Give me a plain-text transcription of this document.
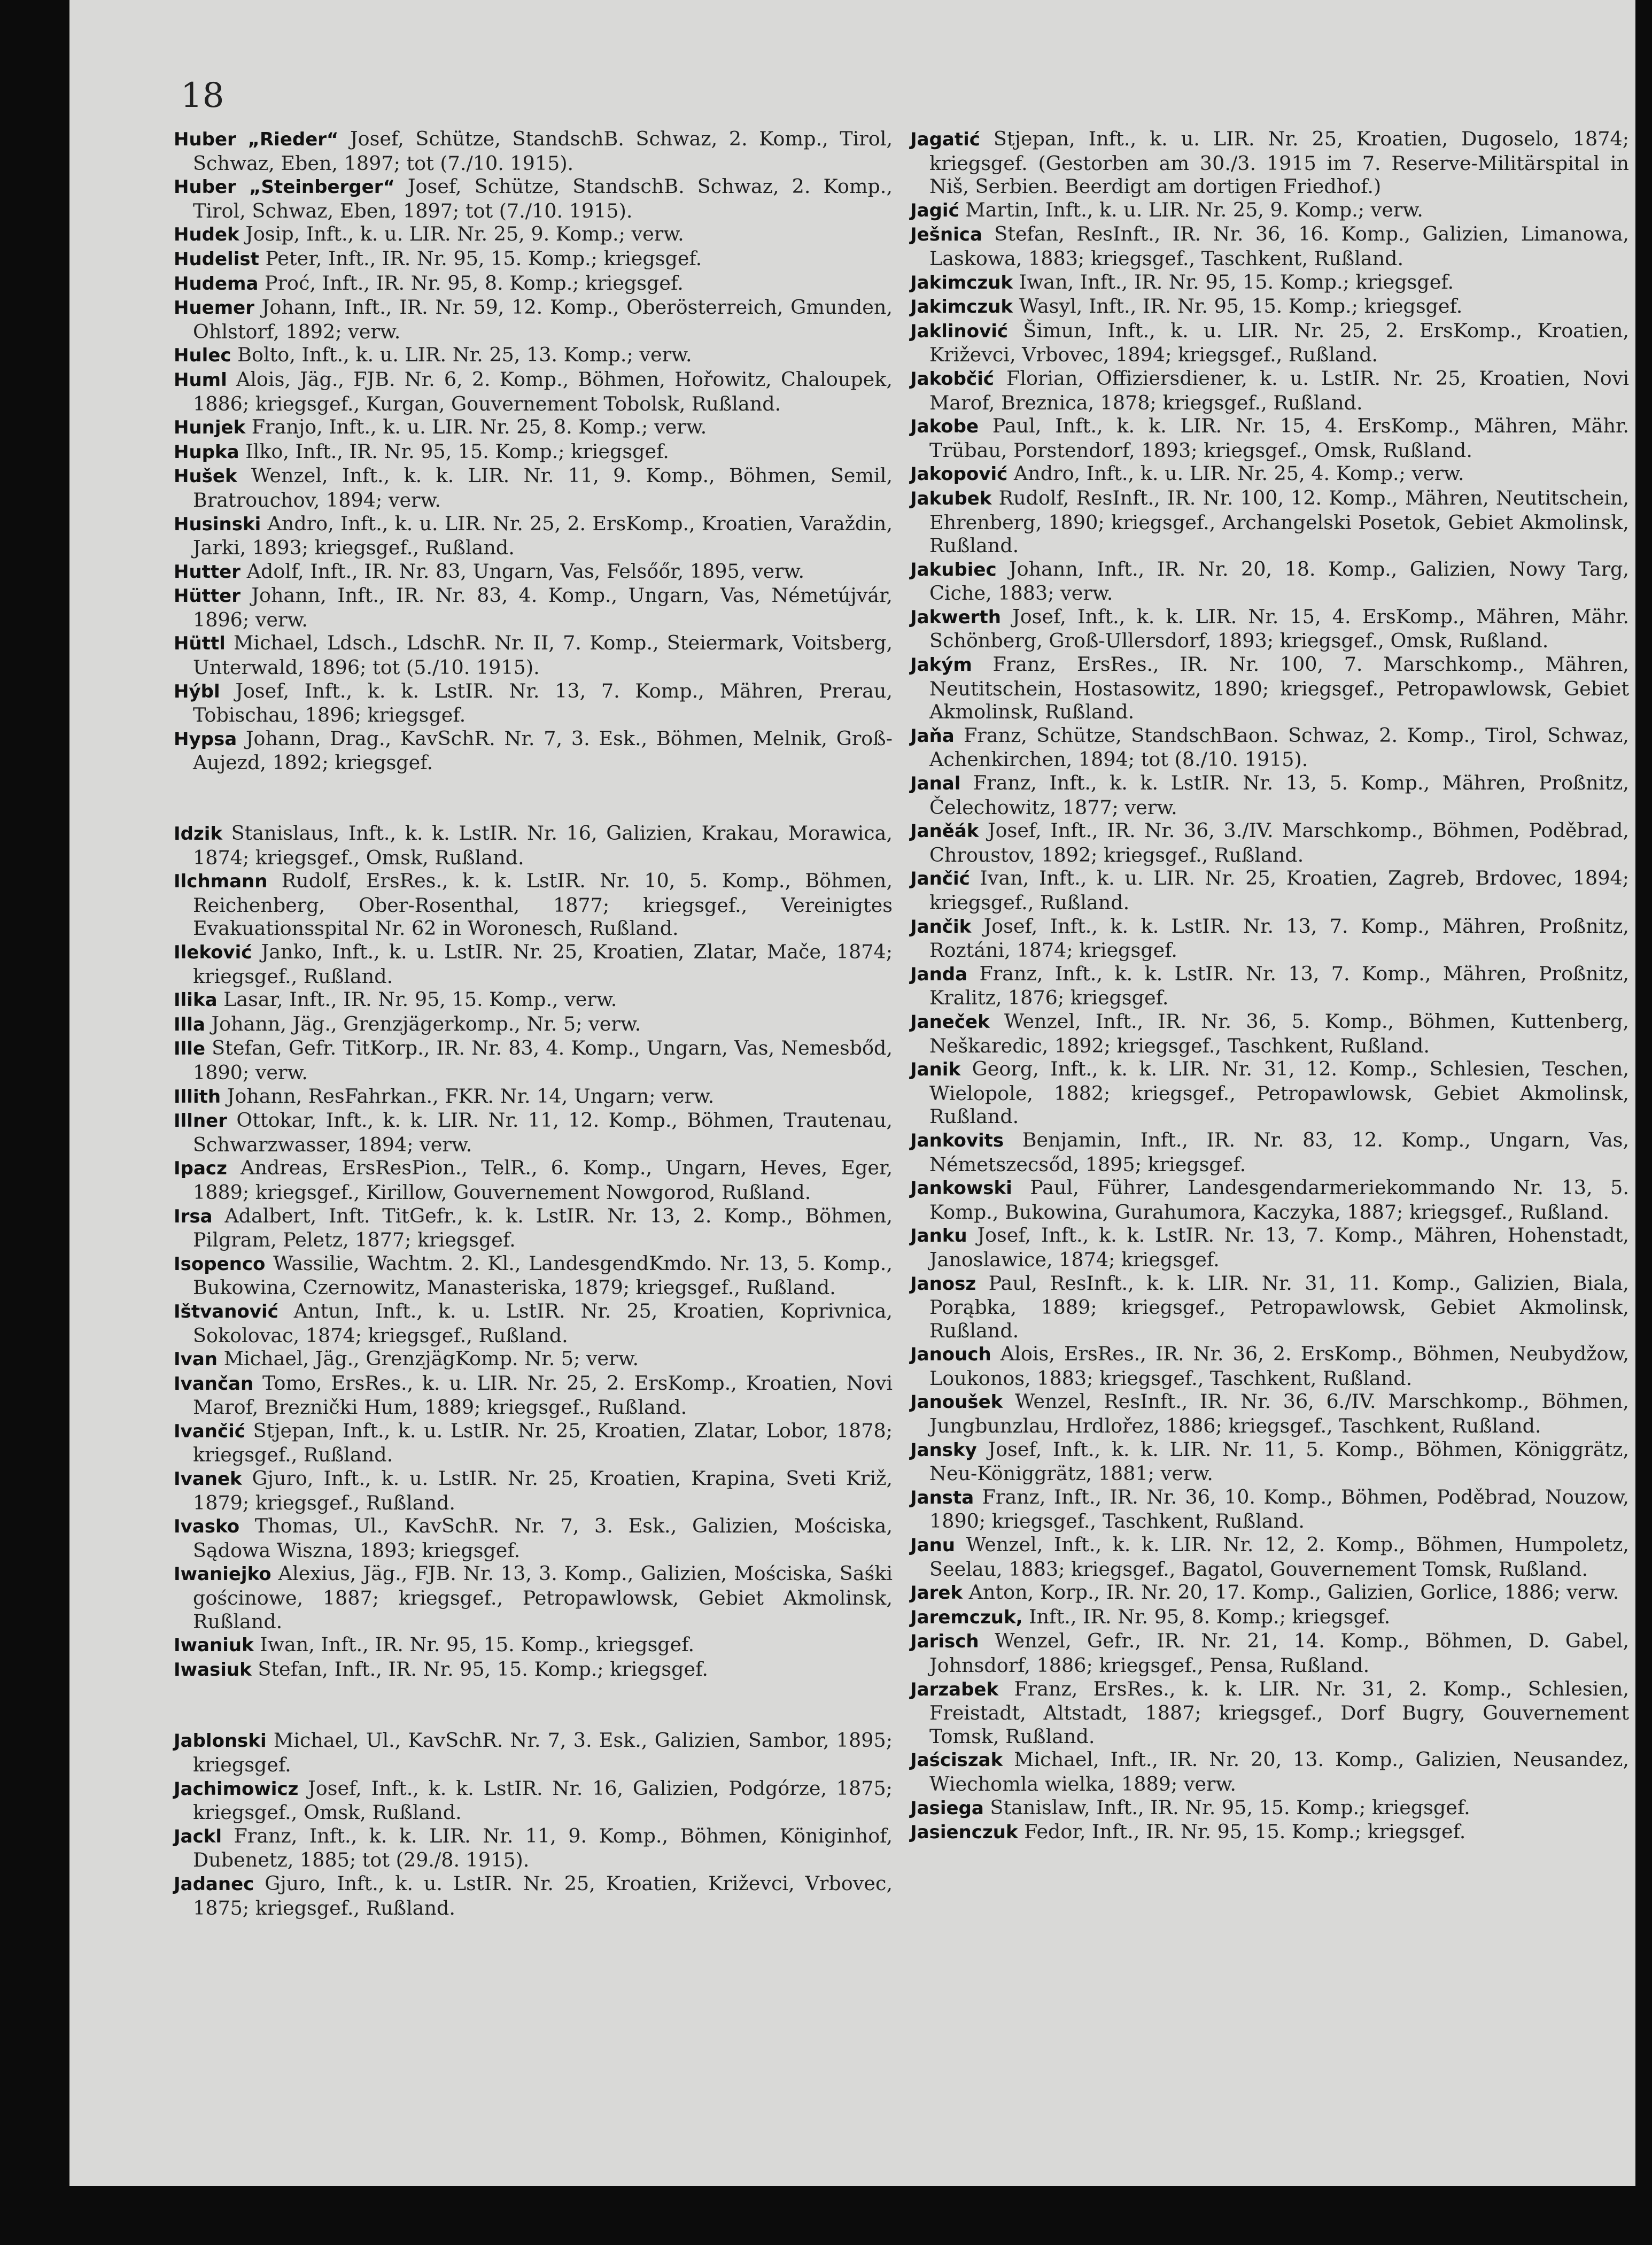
18
Huber „Rieder“ Josef, Schütze, StandschB. Schwaz, 2. Komp., Tirol, Schwaz, Eben, 1897; tot (7./10. 1915).
Huber „Steinberger“ Josef, Schütze, StandschB. Schwaz, 2. Komp., Tirol, Schwaz, Eben, 1897; tot (7./10. 1915).
Hudek Josip, Inft., k. u. LIR. Nr. 25, 9. Komp.; verw.
Hudelist Peter, Inft., IR. Nr. 95, 15. Komp.; kriegsgef.
Hudema Proć, Inft., IR. Nr. 95, 8. Komp.; kriegsgef.
Huemer Johann, Inft., IR. Nr. 59, 12. Komp., Oberösterreich, Gmunden, Ohlstorf, 1892; verw.
Hulec Bolto, Inft., k. u. LIR. Nr. 25, 13. Komp.; verw.
Huml Alois, Jäg., FJB. Nr. 6, 2. Komp., Böhmen, Hořowitz, Chaloupek, 1886; kriegsgef., Kurgan, Gouvernement Tobolsk, Rußland.
Hunjek Franjo, Inft., k. u. LIR. Nr. 25, 8. Komp.; verw.
Hupka Ilko, Inft., IR. Nr. 95, 15. Komp.; kriegsgef.
Hušek Wenzel, Inft., k. k. LIR. Nr. 11, 9. Komp., Böhmen, Semil, Bratrouchov, 1894; verw.
Husinski Andro, Inft., k. u. LIR. Nr. 25, 2. ErsKomp., Kroatien, Varaždin, Jarki, 1893; kriegsgef., Rußland.
Hutter Adolf, Inft., IR. Nr. 83, Ungarn, Vas, Felsőőr, 1895, verw.
Hütter Johann, Inft., IR. Nr. 83, 4. Komp., Ungarn, Vas, Németújvár, 1896; verw.
Hüttl Michael, Ldsch., LdschR. Nr. II, 7. Komp., Steiermark, Voitsberg, Unterwald, 1896; tot (5./10. 1915).
Hýbl Josef, Inft., k. k. LstIR. Nr. 13, 7. Komp., Mähren, Prerau, Tobischau, 1896; kriegsgef.
Hypsa Johann, Drag., KavSchR. Nr. 7, 3. Esk., Böhmen, Melnik, Groß-Aujezd, 1892; kriegsgef.
Idzik Stanislaus, Inft., k. k. LstIR. Nr. 16, Galizien, Krakau, Morawica, 1874; kriegsgef., Omsk, Rußland.
Ilchmann Rudolf, ErsRes., k. k. LstIR. Nr. 10, 5. Komp., Böhmen, Reichenberg, Ober-Rosenthal, 1877; kriegsgef., Vereinigtes Evakuationsspital Nr. 62 in Woronesch, Rußland.
Ileković Janko, Inft., k. u. LstIR. Nr. 25, Kroatien, Zlatar, Mače, 1874; kriegsgef., Rußland.
Ilika Lasar, Inft., IR. Nr. 95, 15. Komp., verw.
Illa Johann, Jäg., Grenzjägerkomp., Nr. 5; verw.
Ille Stefan, Gefr. TitKorp., IR. Nr. 83, 4. Komp., Ungarn, Vas, Nemesbőd, 1890; verw.
Illith Johann, ResFahrkan., FKR. Nr. 14, Ungarn; verw.
Illner Ottokar, Inft., k. k. LIR. Nr. 11, 12. Komp., Böhmen, Trautenau, Schwarzwasser, 1894; verw.
Ipacz Andreas, ErsResPion., TelR., 6. Komp., Ungarn, Heves, Eger, 1889; kriegsgef., Kirillow, Gouvernement Nowgorod, Rußland.
Irsa Adalbert, Inft. TitGefr., k. k. LstIR. Nr. 13, 2. Komp., Böhmen, Pilgram, Peletz, 1877; kriegsgef.
Isopenco Wassilie, Wachtm. 2. Kl., LandesgendKmdo. Nr. 13, 5. Komp., Bukowina, Czernowitz, Manasteriska, 1879; kriegsgef., Rußland.
Ištvanović Antun, Inft., k. u. LstIR. Nr. 25, Kroatien, Koprivnica, Sokolovac, 1874; kriegsgef., Rußland.
Ivan Michael, Jäg., GrenzjägKomp. Nr. 5; verw.
Ivančan Tomo, ErsRes., k. u. LIR. Nr. 25, 2. ErsKomp., Kroatien, Novi Marof, Breznički Hum, 1889; kriegsgef., Rußland.
Ivančić Stjepan, Inft., k. u. LstIR. Nr. 25, Kroatien, Zlatar, Lobor, 1878; kriegsgef., Rußland.
Ivanek Gjuro, Inft., k. u. LstIR. Nr. 25, Kroatien, Krapina, Sveti Križ, 1879; kriegsgef., Rußland.
Ivasko Thomas, Ul., KavSchR. Nr. 7, 3. Esk., Galizien, Mościska, Sądowa Wiszna, 1893; kriegsgef.
Iwaniejko Alexius, Jäg., FJB. Nr. 13, 3. Komp., Galizien, Mościska, Saśki gościnowe, 1887; kriegsgef., Petropawlowsk, Gebiet Akmolinsk, Rußland.
Iwaniuk Iwan, Inft., IR. Nr. 95, 15. Komp., kriegsgef.
Iwasiuk Stefan, Inft., IR. Nr. 95, 15. Komp.; kriegsgef.
Jablonski Michael, Ul., KavSchR. Nr. 7, 3. Esk., Galizien, Sambor, 1895; kriegsgef.
Jachimowicz Josef, Inft., k. k. LstIR. Nr. 16, Galizien, Podgórze, 1875; kriegsgef., Omsk, Rußland.
Jackl Franz, Inft., k. k. LIR. Nr. 11, 9. Komp., Böhmen, Königinhof, Dubenetz, 1885; tot (29./8. 1915).
Jadanec Gjuro, Inft., k. u. LstIR. Nr. 25, Kroatien, Križevci, Vrbovec, 1875; kriegsgef., Rußland.
Jagatić Stjepan, Inft., k. u. LIR. Nr. 25, Kroatien, Dugoselo, 1874; kriegsgef. (Gestorben am 30./3. 1915 im 7. Reserve-Militärspital in Niš, Serbien. Beerdigt am dortigen Friedhof.)
Jagić Martin, Inft., k. u. LIR. Nr. 25, 9. Komp.; verw.
Ješnica Stefan, ResInft., IR. Nr. 36, 16. Komp., Galizien, Limanowa, Laskowa, 1883; kriegsgef., Taschkent, Rußland.
Jakimczuk Iwan, Inft., IR. Nr. 95, 15. Komp.; kriegsgef.
Jakimczuk Wasyl, Inft., IR. Nr. 95, 15. Komp.; kriegsgef.
Jaklinović Šimun, Inft., k. u. LIR. Nr. 25, 2. ErsKomp., Kroatien, Križevci, Vrbovec, 1894; kriegsgef., Rußland.
Jakobčić Florian, Offiziersdiener, k. u. LstIR. Nr. 25, Kroatien, Novi Marof, Breznica, 1878; kriegsgef., Rußland.
Jakobe Paul, Inft., k. k. LIR. Nr. 15, 4. ErsKomp., Mähren, Mähr. Trübau, Porstendorf, 1893; kriegsgef., Omsk, Rußland.
Jakopović Andro, Inft., k. u. LIR. Nr. 25, 4. Komp.; verw.
Jakubek Rudolf, ResInft., IR. Nr. 100, 12. Komp., Mähren, Neutitschein, Ehrenberg, 1890; kriegsgef., Archangelski Posetok, Gebiet Akmolinsk, Rußland.
Jakubiec Johann, Inft., IR. Nr. 20, 18. Komp., Galizien, Nowy Targ, Ciche, 1883; verw.
Jakwerth Josef, Inft., k. k. LIR. Nr. 15, 4. ErsKomp., Mähren, Mähr. Schönberg, Groß-Ullersdorf, 1893; kriegsgef., Omsk, Rußland.
Jakým Franz, ErsRes., IR. Nr. 100, 7. Marschkomp., Mähren, Neutitschein, Hostasowitz, 1890; kriegsgef., Petropawlowsk, Gebiet Akmolinsk, Rußland.
Jaňa Franz, Schütze, StandschBaon. Schwaz, 2. Komp., Tirol, Schwaz, Achenkirchen, 1894; tot (8./10. 1915).
Janal Franz, Inft., k. k. LstIR. Nr. 13, 5. Komp., Mähren, Proßnitz, Čelechowitz, 1877; verw.
Janěák Josef, Inft., IR. Nr. 36, 3./IV. Marschkomp., Böhmen, Poděbrad, Chroustov, 1892; kriegsgef., Rußland.
Jančić Ivan, Inft., k. u. LIR. Nr. 25, Kroatien, Zagreb, Brdovec, 1894; kriegsgef., Rußland.
Jančik Josef, Inft., k. k. LstIR. Nr. 13, 7. Komp., Mähren, Proßnitz, Roztáni, 1874; kriegsgef.
Janda Franz, Inft., k. k. LstIR. Nr. 13, 7. Komp., Mähren, Proßnitz, Kralitz, 1876; kriegsgef.
Janeček Wenzel, Inft., IR. Nr. 36, 5. Komp., Böhmen, Kuttenberg, Neškaredic, 1892; kriegsgef., Taschkent, Rußland.
Janik Georg, Inft., k. k. LIR. Nr. 31, 12. Komp., Schlesien, Teschen, Wielopole, 1882; kriegsgef., Petropawlowsk, Gebiet Akmolinsk, Rußland.
Jankovits Benjamin, Inft., IR. Nr. 83, 12. Komp., Ungarn, Vas, Németszecsőd, 1895; kriegsgef.
Jankowski Paul, Führer, Landesgendarmeriekommando Nr. 13, 5. Komp., Bukowina, Gurahumora, Kaczyka, 1887; kriegsgef., Rußland.
Janku Josef, Inft., k. k. LstIR. Nr. 13, 7. Komp., Mähren, Hohenstadt, Janoslawice, 1874; kriegsgef.
Janosz Paul, ResInft., k. k. LIR. Nr. 31, 11. Komp., Galizien, Biala, Porąbka, 1889; kriegsgef., Petropawlowsk, Gebiet Akmolinsk, Rußland.
Janouch Alois, ErsRes., IR. Nr. 36, 2. ErsKomp., Böhmen, Neubydžow, Loukonos, 1883; kriegsgef., Taschkent, Rußland.
Janoušek Wenzel, ResInft., IR. Nr. 36, 6./IV. Marschkomp., Böhmen, Jungbunzlau, Hrdlořez, 1886; kriegsgef., Taschkent, Rußland.
Jansky Josef, Inft., k. k. LIR. Nr. 11, 5. Komp., Böhmen, Königgrätz, Neu-Königgrätz, 1881; verw.
Jansta Franz, Inft., IR. Nr. 36, 10. Komp., Böhmen, Poděbrad, Nouzow, 1890; kriegsgef., Taschkent, Rußland.
Janu Wenzel, Inft., k. k. LIR. Nr. 12, 2. Komp., Böhmen, Humpoletz, Seelau, 1883; kriegsgef., Bagatol, Gouvernement Tomsk, Rußland.
Jarek Anton, Korp., IR. Nr. 20, 17. Komp., Galizien, Gorlice, 1886; verw.
Jaremczuk, Inft., IR. Nr. 95, 8. Komp.; kriegsgef.
Jarisch Wenzel, Gefr., IR. Nr. 21, 14. Komp., Böhmen, D. Gabel, Johnsdorf, 1886; kriegsgef., Pensa, Rußland.
Jarzabek Franz, ErsRes., k. k. LIR. Nr. 31, 2. Komp., Schlesien, Freistadt, Altstadt, 1887; kriegsgef., Dorf Bugry, Gouvernement Tomsk, Rußland.
Jaściszak Michael, Inft., IR. Nr. 20, 13. Komp., Galizien, Neusandez, Wiechomla wielka, 1889; verw.
Jasiega Stanislaw, Inft., IR. Nr. 95, 15. Komp.; kriegsgef.
Jasienczuk Fedor, Inft., IR. Nr. 95, 15. Komp.; kriegsgef.
